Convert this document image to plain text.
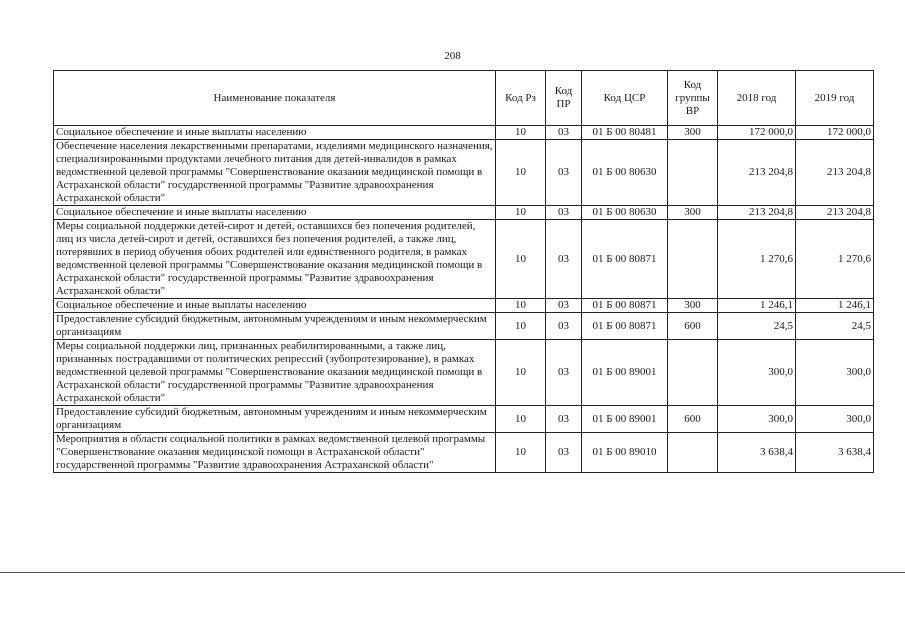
208
Наименование показателя	Код Рз	Код ПР	Код ЦСР	Код группы ВР	2018 год	2019 год
Социальное обеспечение и иные выплаты населению	10	03	01 Б 00 80481	300	172 000,0	172 000,0
Обеспечение населения лекарственными препаратами, изделиями медицинского назначения, специализированными продуктами лечебного питания для детей-инвалидов в рамках ведомственной целевой программы "Совершенствование оказания медицинской помощи в Астраханской области" государственной программы "Развитие здравоохранения Астраханской области"	10	03	01 Б 00 80630		213 204,8	213 204,8
Социальное обеспечение и иные выплаты населению	10	03	01 Б 00 80630	300	213 204,8	213 204,8
Меры социальной поддержки детей-сирот и детей, оставшихся без попечения родителей, лиц из числа детей-сирот и детей, оставшихся без попечения родителей, а также лиц, потерявших в период обучения обоих родителей или единственного родителя, в рамках ведомственной целевой программы "Совершенствование оказания медицинской помощи в Астраханской области" государственной программы "Развитие здравоохранения Астраханской области"	10	03	01 Б 00 80871		1 270,6	1 270,6
Социальное обеспечение и иные выплаты населению	10	03	01 Б 00 80871	300	1 246,1	1 246,1
Предоставление субсидий бюджетным, автономным учреждениям и иным некоммерческим организациям	10	03	01 Б 00 80871	600	24,5	24,5
Меры социальной поддержки лиц, признанных реабилитированными, а также лиц, признанных пострадавшими от политических репрессий (зубопротезирование), в рамках ведомственной целевой программы "Совершенствование оказания медицинской помощи в Астраханской области" государственной программы "Развитие здравоохранения Астраханской области"	10	03	01 Б 00 89001		300,0	300,0
Предоставление субсидий бюджетным, автономным учреждениям и иным некоммерческим организациям	10	03	01 Б 00 89001	600	300,0	300,0
Мероприятия в области социальной политики в рамках ведомственной целевой программы "Совершенствование оказания медицинской помощи в Астраханской области" государственной программы "Развитие здравоохранения Астраханской области"	10	03	01 Б 00 89010		3 638,4	3 638,4
